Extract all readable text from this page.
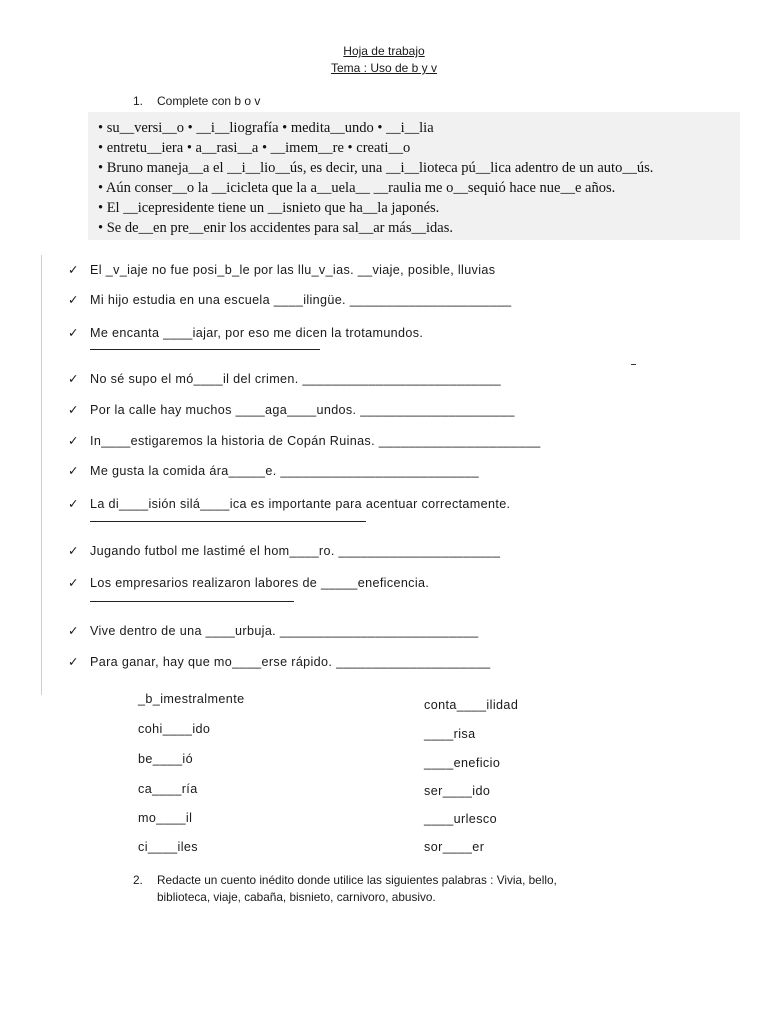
Hoja de trabajo
Tema : Uso de b y v
1. Complete con b o v
• su__versi__o • __i__liografía • medita__undo • __i__lia
• entretu__iera • a__rasi__a • __imem__re • creati__o
• Bruno maneja__a el __i__lio__ús, es decir, una __i__lioteca pú__lica adentro de un auto__ús.
• Aún conser__o la __icicleta que la a__uela__ __raulia me o__sequió hace nue__e años.
• El __icepresidente tiene un __isnieto que ha__la japonés.
• Se de__en pre__enir los accidentes para sal__ar más__idas.
✓ El _v_iaje no fue posi_b_le por las llu_v_ias. __viaje, posible, lluvias
✓ Mi hijo estudia en una escuela ____ilingüe. ______________________
✓ Me encanta ____iajar, por eso me dicen la trotamundos.
✓ No sé supo el mó____il del crimen. ___________________________
✓ Por la calle hay muchos ____aga____undos. _____________________
✓ In____estigaremos la historia de Copán Ruinas. ______________________
✓ Me gusta la comida ára_____e. ___________________________
✓ La di____isión silá____ica es importante para acentuar correctamente.
✓ Jugando futbol me lastimé el hom____ro. ______________________
✓ Los empresarios realizaron labores de _____eneficencia.
✓ Vive dentro de una ____urbuja. ___________________________
✓ Para ganar, hay que mo____erse rápido. _____________________
_b_imestralmente
cohi____ido
be____ió
ca____ría
mo____il
ci____iles
conta____ilidad
____risa
____eneficio
ser____ido
____urlesco
sor____er
2. Redacte un cuento inédito donde utilice las siguientes palabras : Vivia, bello,
biblioteca, viaje, cabaña, bisnieto, carnivoro, abusivo.
